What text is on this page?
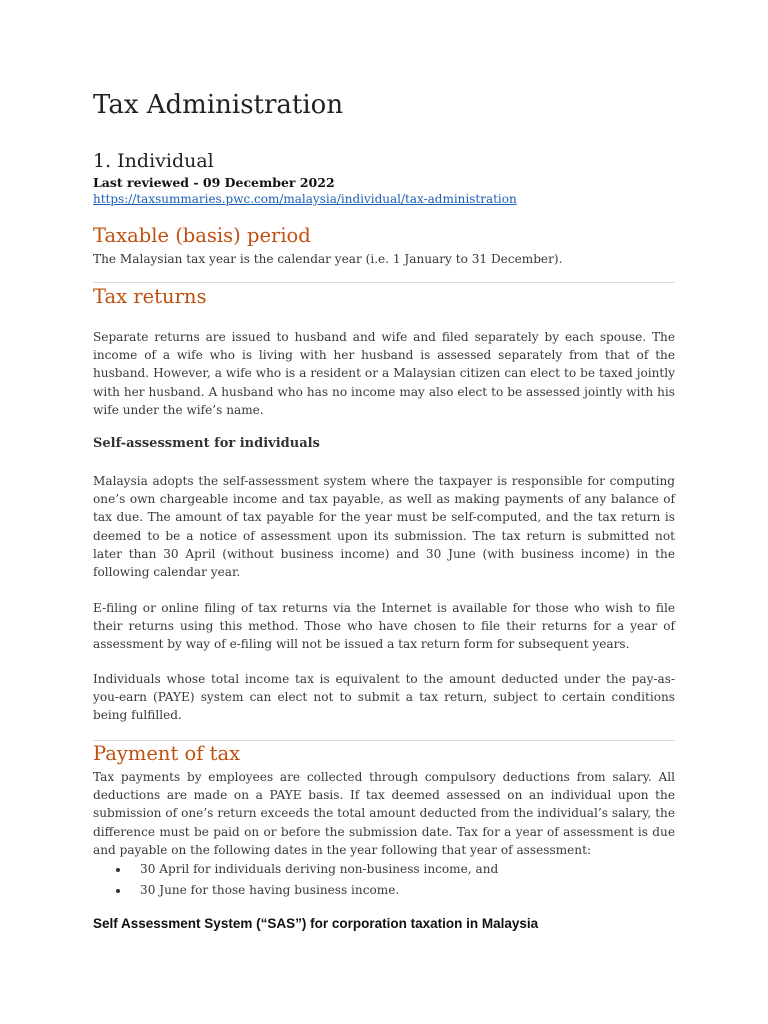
Tax Administration
1. Individual
Last reviewed - 09 December 2022
https://taxsummaries.pwc.com/malaysia/individual/tax-administration
Taxable (basis) period

The Malaysian tax year is the calendar year (i.e. 1 January to 31 December).

Tax returns

Separate returns are issued to husband and wife and filed separately by each spouse. The income of a wife who is living with her husband is assessed separately from that of the husband. However, a wife who is a resident or a Malaysian citizen can elect to be taxed jointly with her husband. A husband who has no income may also elect to be assessed jointly with his wife under the wife’s name.

Self-assessment for individuals

Malaysia adopts the self-assessment system where the taxpayer is responsible for computing one’s own chargeable income and tax payable, as well as making payments of any balance of tax due. The amount of tax payable for the year must be self-computed, and the tax return is deemed to be a notice of assessment upon its submission. The tax return is submitted not later than 30 April (without business income) and 30 June (with business income) in the following calendar year.

E-filing or online filing of tax returns via the Internet is available for those who wish to file their returns using this method. Those who have chosen to file their returns for a year of assessment by way of e-filing will not be issued a tax return form for subsequent years.

Individuals whose total income tax is equivalent to the amount deducted under the pay-as-you-earn (PAYE) system can elect not to submit a tax return, subject to certain conditions being fulfilled.

Payment of tax

Tax payments by employees are collected through compulsory deductions from salary. All deductions are made on a PAYE basis. If tax deemed assessed on an individual upon the submission of one’s return exceeds the total amount deducted from the individual’s salary, the difference must be paid on or before the submission date. Tax for a year of assessment is due and payable on the following dates in the year following that year of assessment:

30 April for individuals deriving non-business income, and
30 June for those having business income.
Self Assessment System (“SAS”) for corporation taxation in Malaysia
